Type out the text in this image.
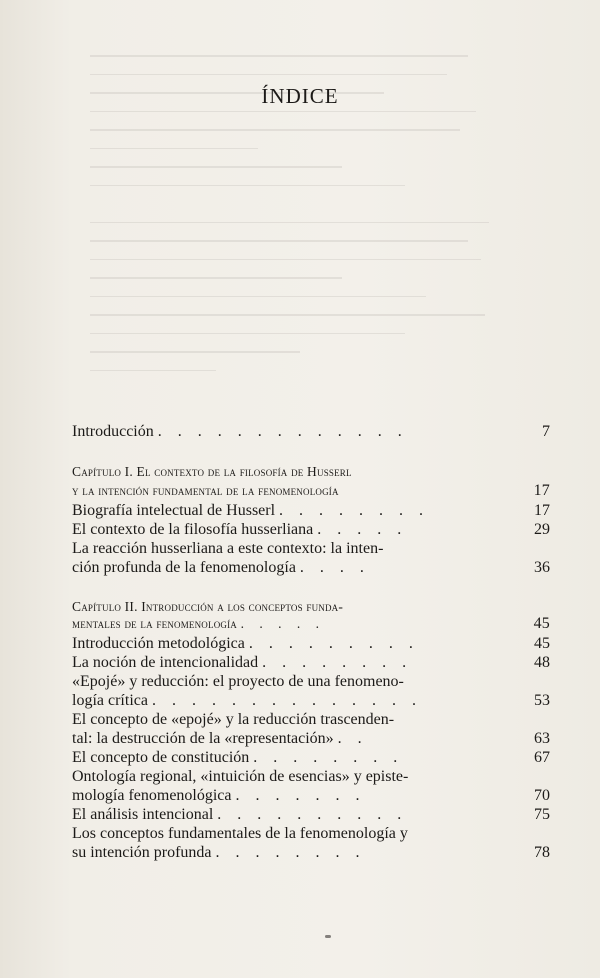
ÍNDICE
Introducción . . . . . . . . . . . . .	7
Capítulo I. El contexto de la filosofía de Husserl
y la intención fundamental de la fenomenología	17
Biografía intelectual de Husserl . . . . . . . .	17
El contexto de la filosofía husserliana . . . . .	29
La reacción husserliana a este contexto: la inten-
ción profunda de la fenomenología . . . .	36
Capítulo II. Introducción a los conceptos funda-
mentales de la fenomenología . . . . .	45
Introducción metodológica . . . . . . . . .	45
La noción de intencionalidad . . . . . . . .	48
«Epojé» y reducción: el proyecto de una fenomeno-
logía crítica . . . . . . . . . . . . . .	53
El concepto de «epojé» y la reducción trascenden-
tal: la destrucción de la «representación» . .	63
El concepto de constitución . . . . . . . .	67
Ontología regional, «intuición de esencias» y episte-
mología fenomenológica . . . . . . .	70
El análisis intencional . . . . . . . . . .	75
Los conceptos fundamentales de la fenomenología y
su intención profunda . . . . . . . .	78
